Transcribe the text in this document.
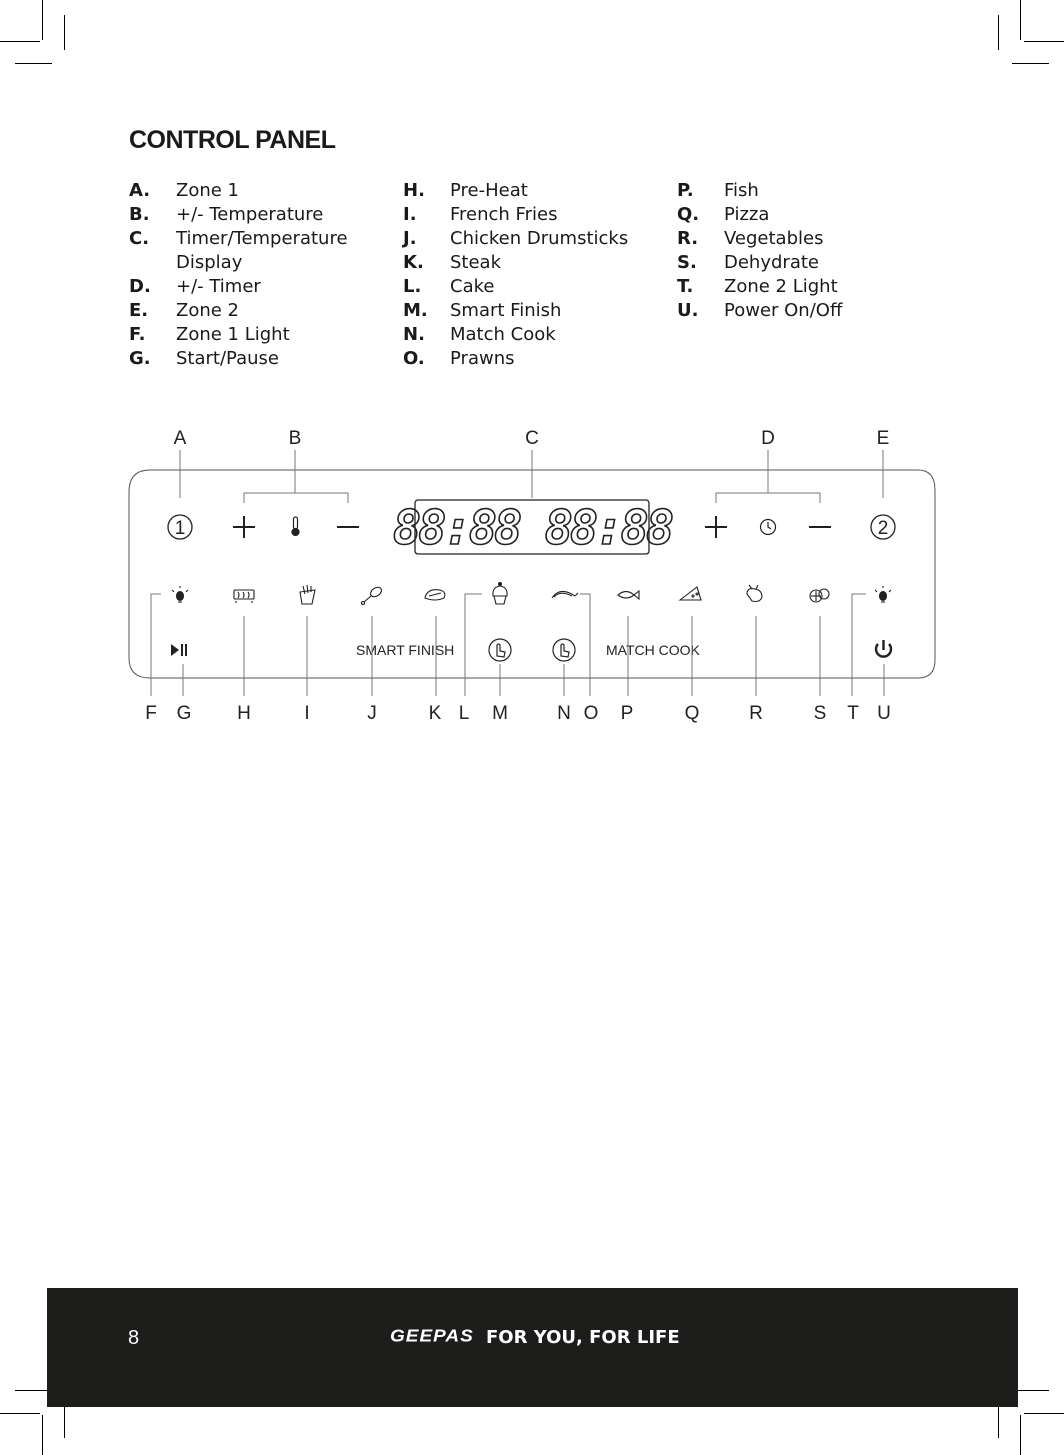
CONTROL PANEL
A.	Zone 1
B.	+/- Temperature
C.	Timer/Temperature Display
D.	+/- Timer
E.	Zone 2
F.	Zone 1 Light
G.	Start/Pause
H.	Pre-Heat
I.	French Fries
J.	Chicken Drumsticks
K.	Steak
L.	Cake
M.	Smart Finish
N.	Match Cook
O.	Prawns
P.	Fish
Q.	Pizza
R.	Vegetables
S.	Dehydrate
T.	Zone 2 Light
U.	Power On/Off
A	B	C	D	E
1	88:88 88:88	2
SMART FINISH	MATCH COOK
F G H	I	J	K L M	N O P	Q	R	S T U
8	GEEPAS FOR YOU, FOR LIFE
